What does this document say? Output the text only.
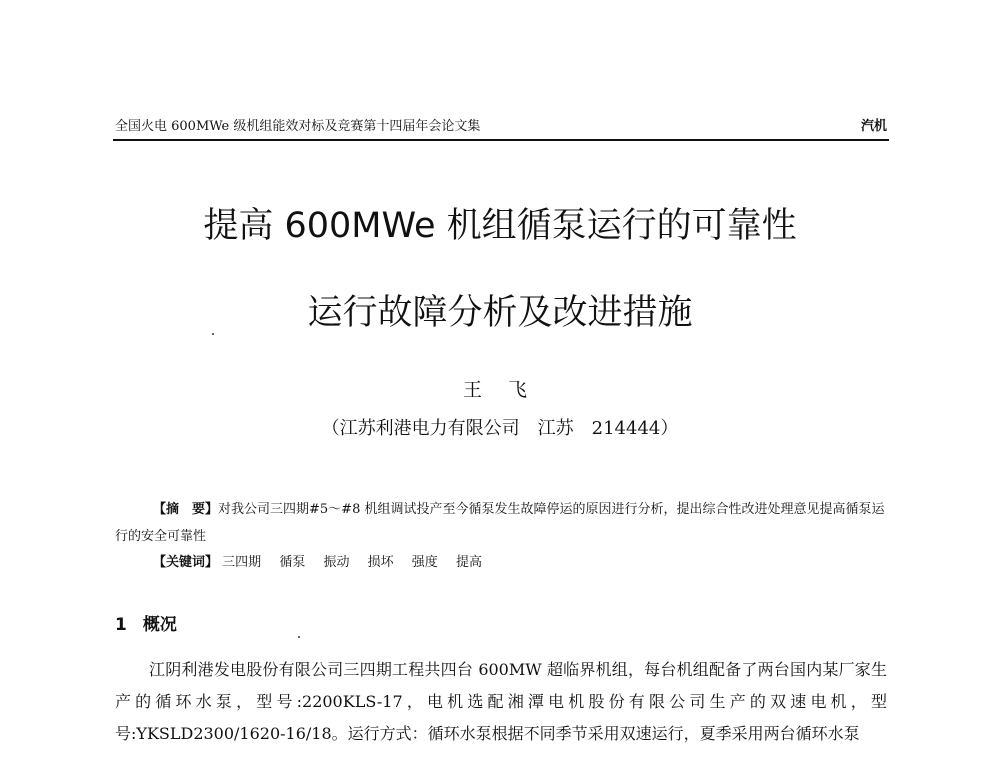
全国火电 600MWe 级机组能效对标及竞赛第十四届年会论文集	汽机
提高 600MWe 机组循泵运行的可靠性
运行故障分析及改进措施
王 飞
（江苏利港电力有限公司　江苏　214444）
【摘　要】对我公司三四期#5～#8 机组调试投产至今循泵发生故障停运的原因进行分析，提出综合性改进处理意见提高循泵运行的安全可靠性
【关键词】 三四期 循泵 振动 损坏 强度 提高
1 概况
江阴利港发电股份有限公司三四期工程共四台 600MW 超临界机组，每台机组配备了两台国内某厂家生产的循环水泵，型号:2200KLS-17，电机选配湘潭电机股份有限公司生产的双速电机，型号:YKSLD2300/1620-16/18。运行方式：循环水泵根据不同季节采用双速运行，夏季采用两台循环水泵
